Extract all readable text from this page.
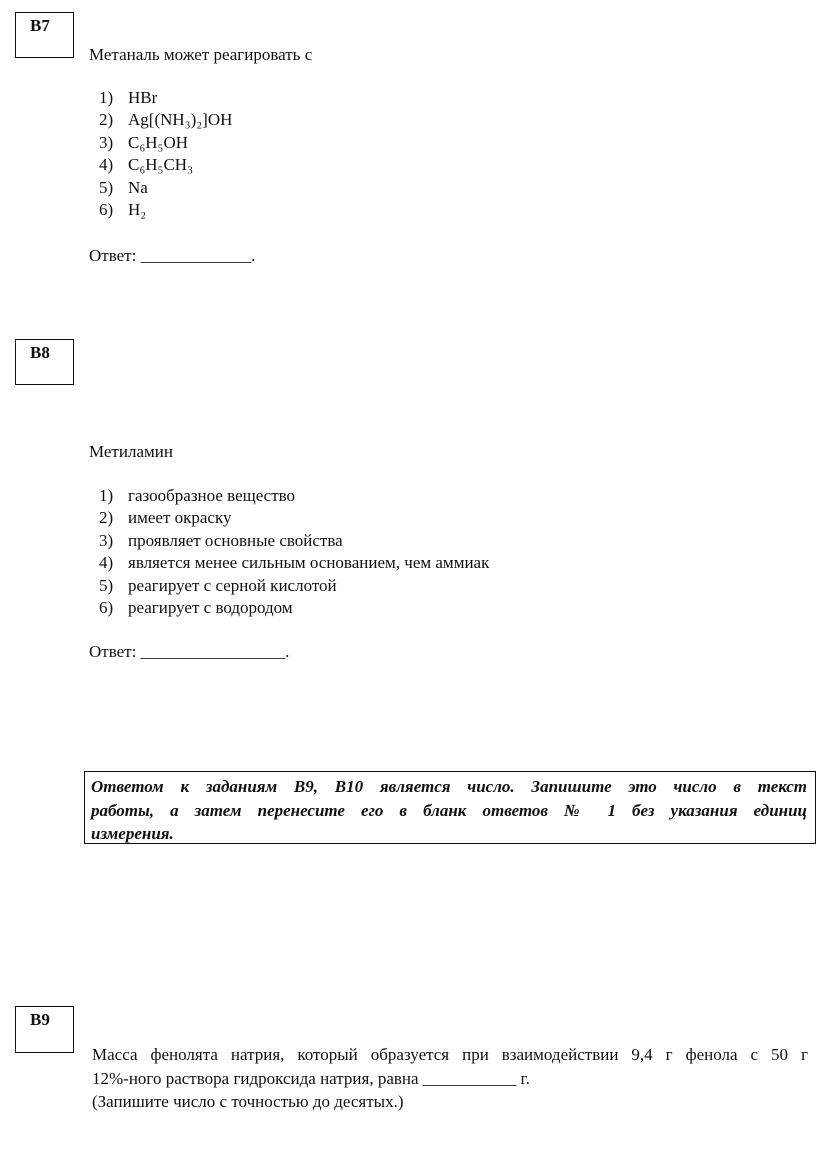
В7
Метаналь может реагировать с
1) HBr
2) Ag[(NH₃)₂]OH
3) C₆H₅OH
4) C₆H₅CH₃
5) Na
6) H₂
Ответ: _____________.
В8
Метиламин
1) газообразное вещество
2) имеет окраску
3) проявляет основные свойства
4) является менее сильным основанием, чем аммиак
5) реагирует с серной кислотой
6) реагирует с водородом
Ответ: _________________.
Ответом к заданиям В9, В10 является число. Запишите это число в текст
работы, а затем перенесите его в бланк ответов № 1 без указания единиц
измерения.
В9
Масса фенолята натрия, который образуется при взаимодействии 9,4 г фенола с 50 г
12%-ного раствора гидроксида натрия, равна ___________ г.
(Запишите число с точностью до десятых.)
